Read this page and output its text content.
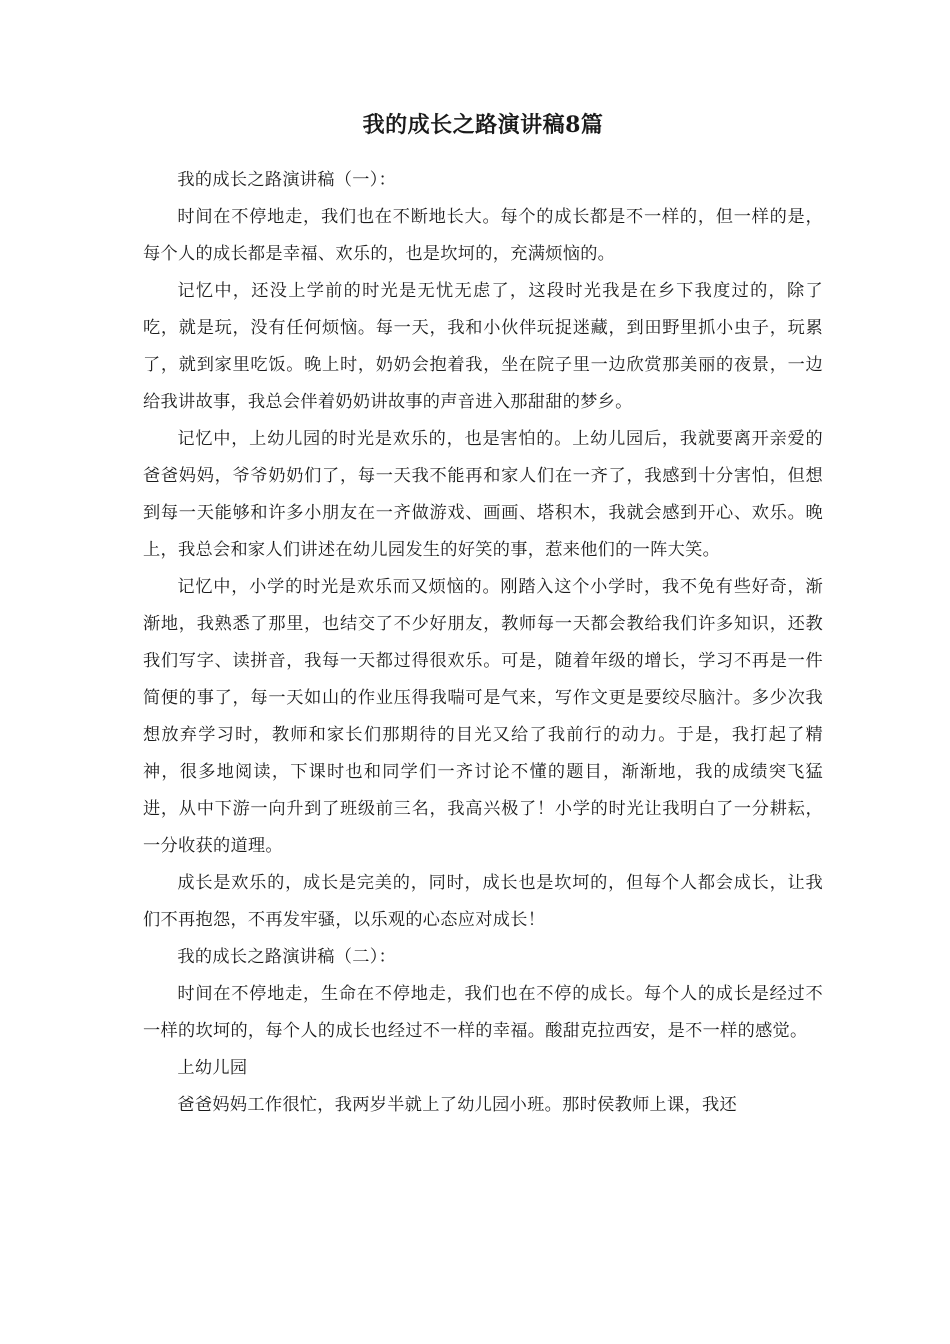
我的成长之路演讲稿8篇

我的成长之路演讲稿（一）：

时间在不停地走，我们也在不断地长大。每个的成长都是不一样的，但一样的是，每个人的成长都是幸福、欢乐的，也是坎坷的，充满烦恼的。

记忆中，还没上学前的时光是无忧无虑了，这段时光我是在乡下我度过的，除了吃，就是玩，没有任何烦恼。每一天，我和小伙伴玩捉迷藏，到田野里抓小虫子，玩累了，就到家里吃饭。晚上时，奶奶会抱着我，坐在院子里一边欣赏那美丽的夜景，一边给我讲故事，我总会伴着奶奶讲故事的声音进入那甜甜的梦乡。

记忆中，上幼儿园的时光是欢乐的，也是害怕的。上幼儿园后，我就要离开亲爱的爸爸妈妈，爷爷奶奶们了，每一天我不能再和家人们在一齐了，我感到十分害怕，但想到每一天能够和许多小朋友在一齐做游戏、画画、塔积木，我就会感到开心、欢乐。晚上，我总会和家人们讲述在幼儿园发生的好笑的事，惹来他们的一阵大笑。

记忆中，小学的时光是欢乐而又烦恼的。刚踏入这个小学时，我不免有些好奇，渐渐地，我熟悉了那里，也结交了不少好朋友，教师每一天都会教给我们许多知识，还教我们写字、读拼音，我每一天都过得很欢乐。可是，随着年级的增长，学习不再是一件简便的事了，每一天如山的作业压得我喘可是气来，写作文更是要绞尽脑汁。多少次我想放弃学习时，教师和家长们那期待的目光又给了我前行的动力。于是，我打起了精神，很多地阅读，下课时也和同学们一齐讨论不懂的题目，渐渐地，我的成绩突飞猛进，从中下游一向升到了班级前三名，我高兴极了！小学的时光让我明白了一分耕耘，一分收获的道理。

成长是欢乐的，成长是完美的，同时，成长也是坎坷的，但每个人都会成长，让我们不再抱怨，不再发牢骚，以乐观的心态应对成长！

我的成长之路演讲稿（二）：

时间在不停地走，生命在不停地走，我们也在不停的成长。每个人的成长是经过不一样的坎坷的，每个人的成长也经过不一样的幸福。酸甜克拉西安，是不一样的感觉。

上幼儿园

爸爸妈妈工作很忙，我两岁半就上了幼儿园小班。那时侯教师上课，我还
